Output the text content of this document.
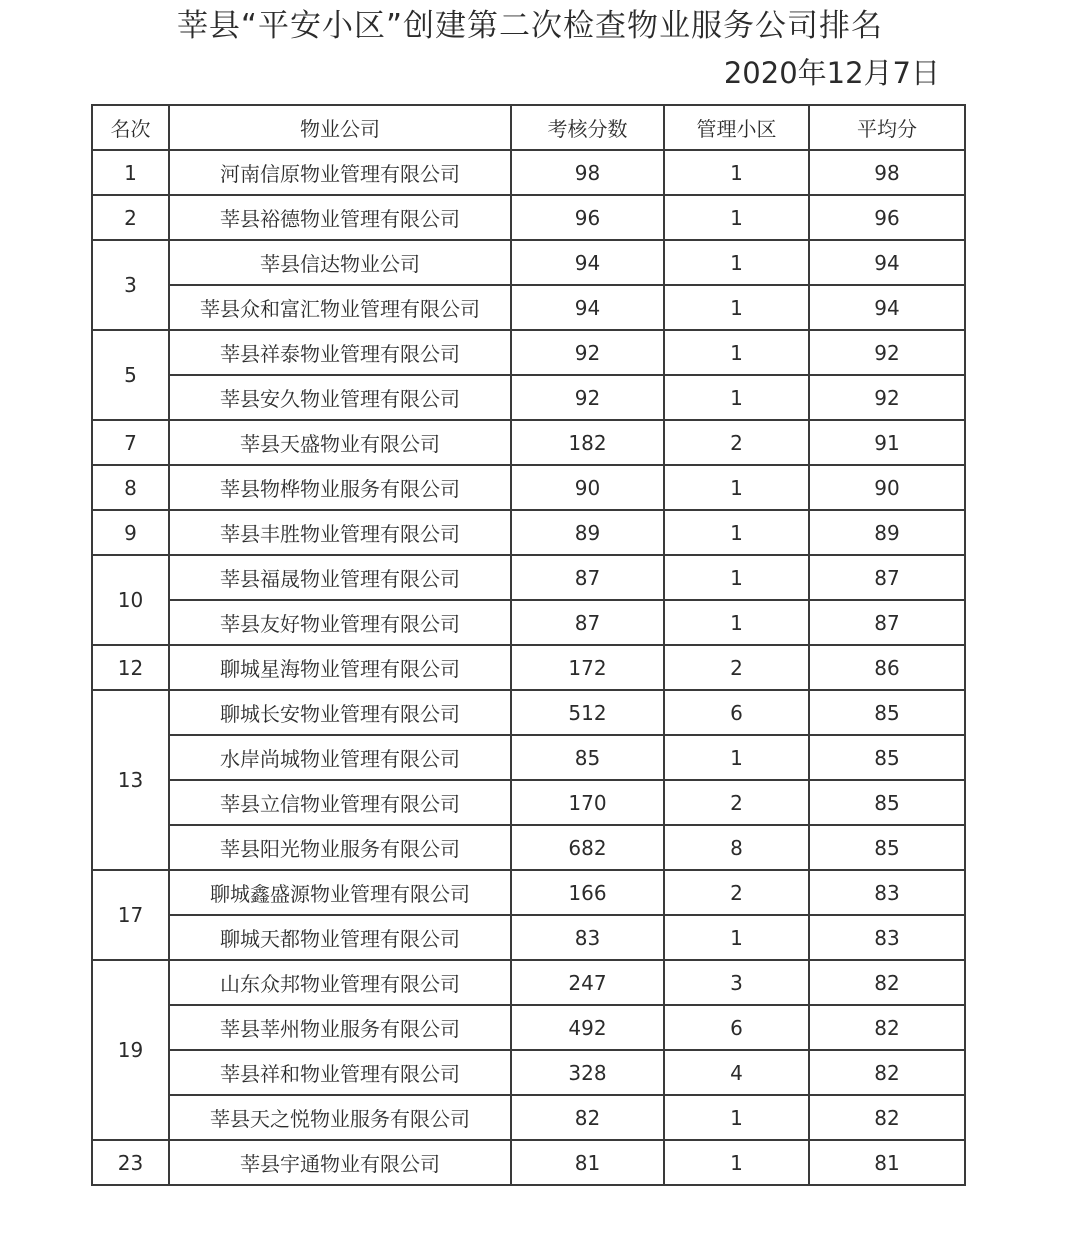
莘县“平安小区”创建第二次检查物业服务公司排名
2020年12月7日
名次	物业公司	考核分数	管理小区	平均分
1	河南信原物业管理有限公司	98	1	98
2	莘县裕德物业管理有限公司	96	1	96
3	莘县信达物业公司	94	1	94
	莘县众和富汇物业管理有限公司	94	1	94
5	莘县祥泰物业管理有限公司	92	1	92
	莘县安久物业管理有限公司	92	1	92
7	莘县天盛物业有限公司	182	2	91
8	莘县物桦物业服务有限公司	90	1	90
9	莘县丰胜物业管理有限公司	89	1	89
10	莘县福晟物业管理有限公司	87	1	87
	莘县友好物业管理有限公司	87	1	87
12	聊城星海物业管理有限公司	172	2	86
13	聊城长安物业管理有限公司	512	6	85
	水岸尚城物业管理有限公司	85	1	85
	莘县立信物业管理有限公司	170	2	85
	莘县阳光物业服务有限公司	682	8	85
17	聊城鑫盛源物业管理有限公司	166	2	83
	聊城天都物业管理有限公司	83	1	83
19	山东众邦物业管理有限公司	247	3	82
	莘县莘州物业服务有限公司	492	6	82
	莘县祥和物业管理有限公司	328	4	82
	莘县天之悦物业服务有限公司	82	1	82
23	莘县宇通物业有限公司	81	1	81
